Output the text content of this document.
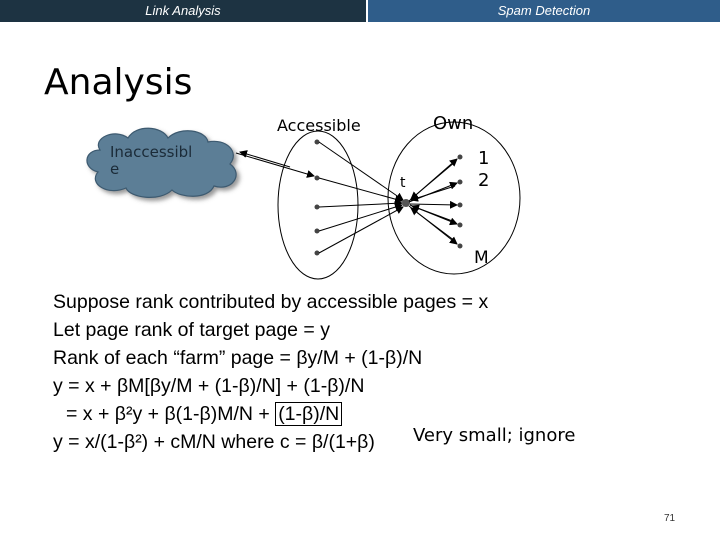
Link Analysis	Spam Detection
Analysis
Inaccessibl
e
Accessible	Own
t
1
2
M
Suppose rank contributed by accessible pages = x
Let page rank of target page = y
Rank of each “farm” page = βy/M + (1-β)/N
y = x + βM[βy/M + (1-β)/N] + (1-β)/N
= x + β²y + β(1-β)M/N + (1-β)/N
y = x/(1-β²) + cM/N where c = β/(1+β)	Very small; ignore
71
